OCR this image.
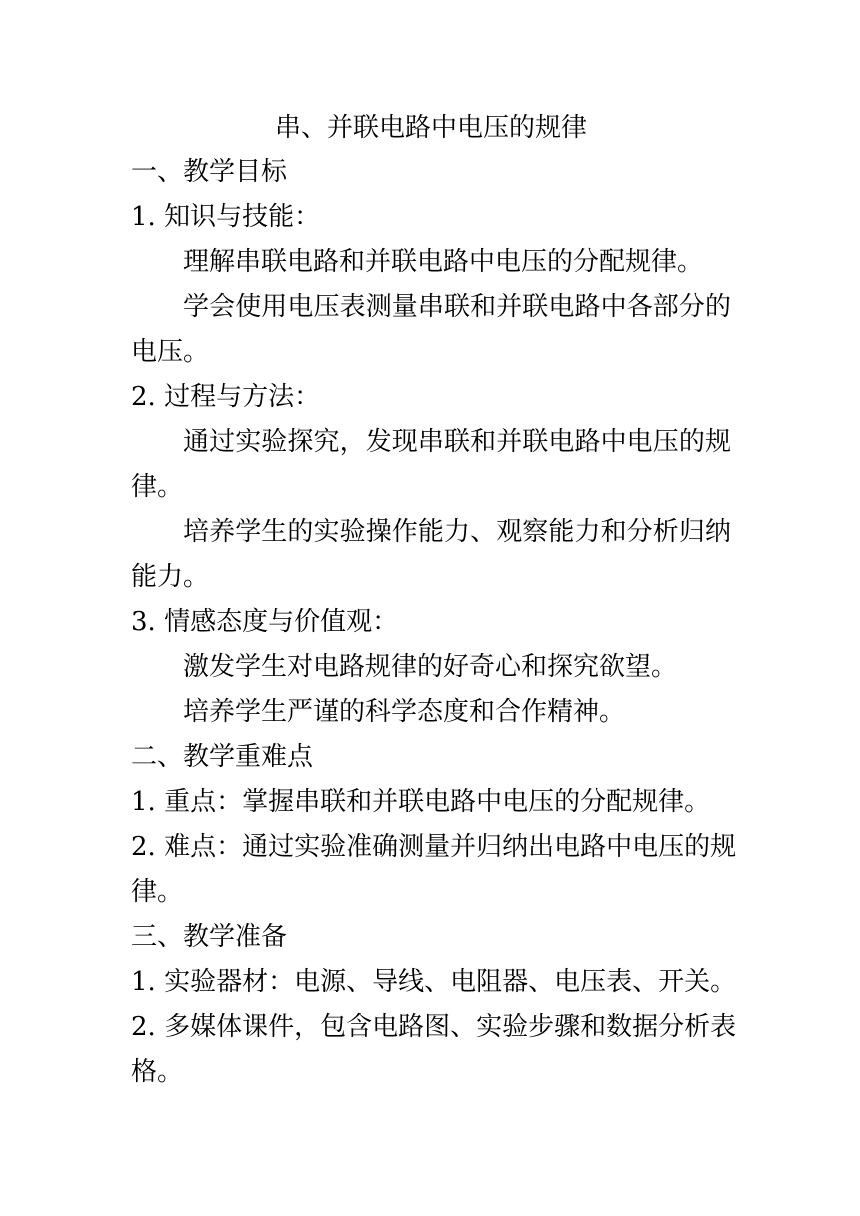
串、并联电路中电压的规律
一、教学目标
1. 知识与技能：
理解串联电路和并联电路中电压的分配规律。
学会使用电压表测量串联和并联电路中各部分的
电压。
2. 过程与方法：
通过实验探究，发现串联和并联电路中电压的规
律。
培养学生的实验操作能力、观察能力和分析归纳
能力。
3. 情感态度与价值观：
激发学生对电路规律的好奇心和探究欲望。
培养学生严谨的科学态度和合作精神。
二、教学重难点
1. 重点：掌握串联和并联电路中电压的分配规律。
2. 难点：通过实验准确测量并归纳出电路中电压的规
律。
三、教学准备
1. 实验器材：电源、导线、电阻器、电压表、开关。
2. 多媒体课件，包含电路图、实验步骤和数据分析表
格。
